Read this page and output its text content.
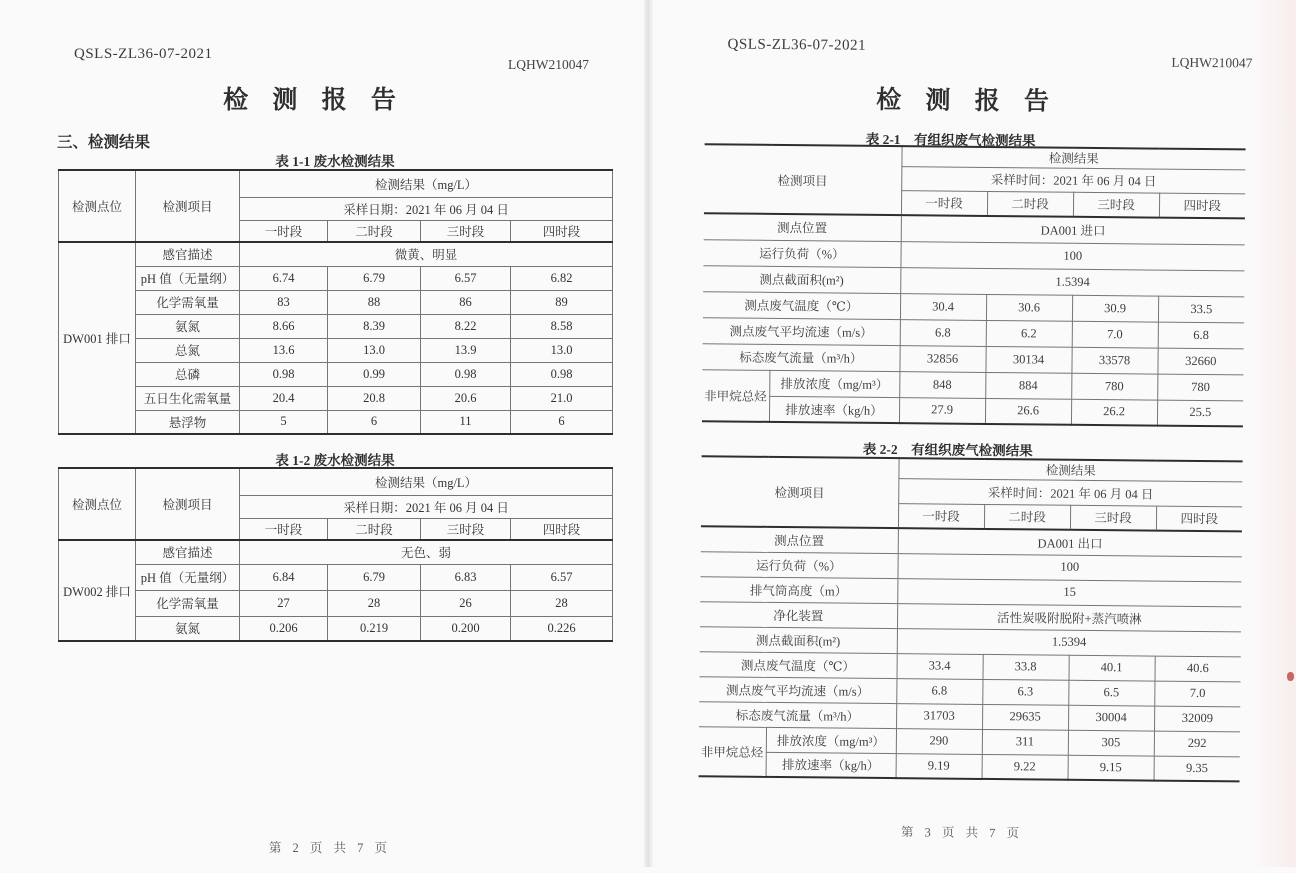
QSLS-ZL36-07-2021
LQHW210047
检 测 报 告
三、检测结果
表 1-1 废水检测结果
检测点位	检测项目	检测结果（mg/L）			
		采样日期：2021 年 06 月 04 日			
		一时段	二时段	三时段	四时段
DW001 排口	感官描述	微黄、明显			
	pH 值（无量纲）	6.74	6.79	6.57	6.82
	化学需氧量	83	88	86	89
	氨氮	8.66	8.39	8.22	8.58
	总氮	13.6	13.0	13.9	13.0
	总磷	0.98	0.99	0.98	0.98
	五日生化需氧量	20.4	20.8	20.6	21.0
	悬浮物	5	6	11	6
表 1-2 废水检测结果
检测点位	检测项目	检测结果（mg/L）			
		采样日期：2021 年 06 月 04 日			
		一时段	二时段	三时段	四时段
DW002 排口	感官描述	无色、弱			
	pH 值（无量纲）	6.84	6.79	6.83	6.57
	化学需氧量	27	28	26	28
	氨氮	0.206	0.219	0.200	0.226
第 2 页 共 7 页
QSLS-ZL36-07-2021
LQHW210047
检 测 报 告
表 2-1　有组织废气检测结果
检测项目		检测结果			
		采样时间：2021 年 06 月 04 日			
		一时段	二时段	三时段	四时段
测点位置		DA001 进口			
运行负荷（%）		100			
测点截面积(m²)		1.5394			
测点废气温度（℃）		30.4	30.6	30.9	33.5
测点废气平均流速（m/s）		6.8	6.2	7.0	6.8
标态废气流量（m³/h）		32856	30134	33578	32660
非甲烷总烃	排放浓度（mg/m³）	848	884	780	780
	排放速率（kg/h）	27.9	26.6	26.2	25.5
表 2-2　有组织废气检测结果
检测项目		检测结果			
		采样时间：2021 年 06 月 04 日			
		一时段	二时段	三时段	四时段
测点位置		DA001 出口			
运行负荷（%）		100			
排气筒高度（m）		15			
净化装置		活性炭吸附脱附+蒸汽喷淋			
测点截面积(m²)		1.5394			
测点废气温度（℃）		33.4	33.8	40.1	40.6
测点废气平均流速（m/s）		6.8	6.3	6.5	7.0
标态废气流量（m³/h）		31703	29635	30004	32009
非甲烷总烃	排放浓度（mg/m³）	290	311	305	292
	排放速率（kg/h）	9.19	9.22	9.15	9.35
第 3 页 共 7 页
